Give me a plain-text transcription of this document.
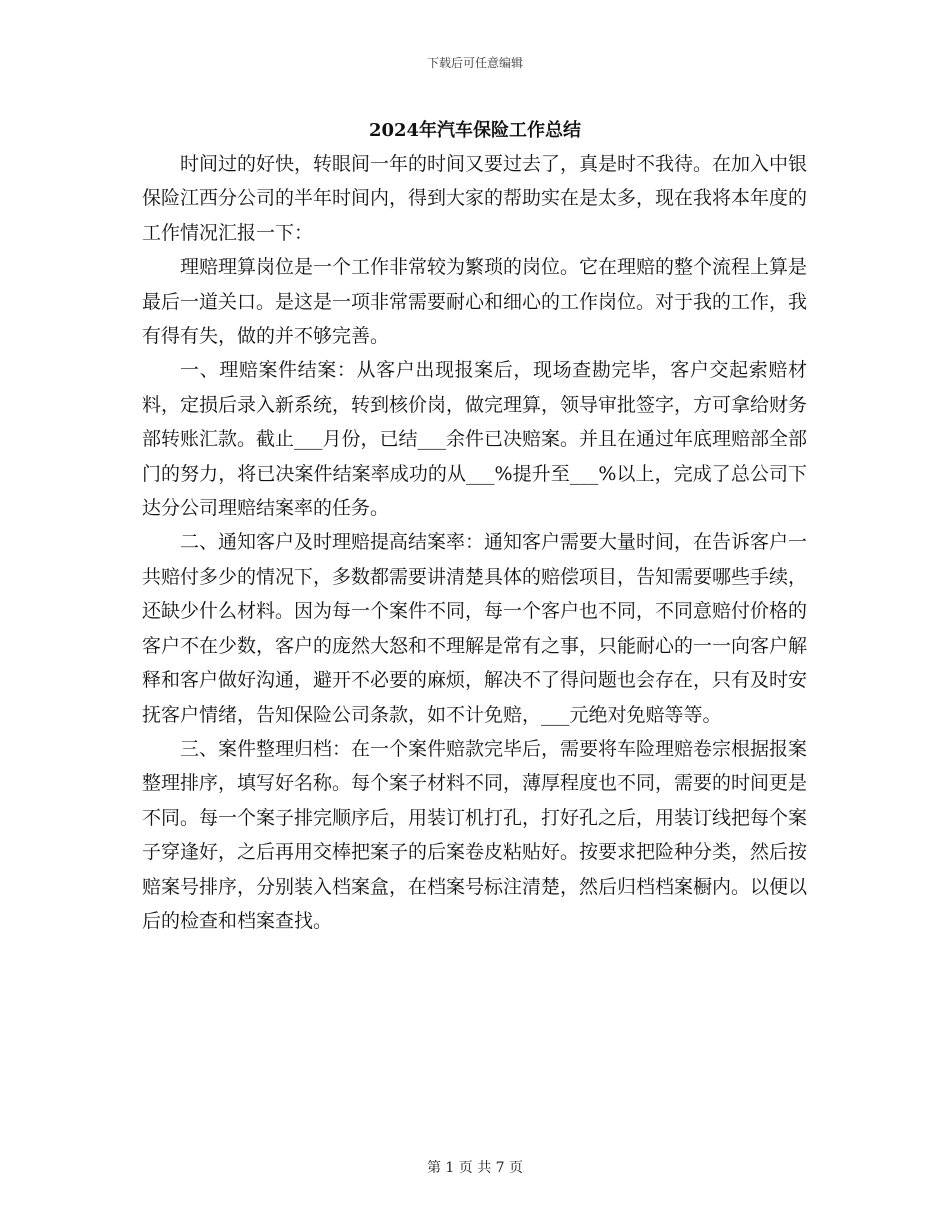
下载后可任意编辑
2024年汽车保险工作总结

时间过的好快，转眼间一年的时间又要过去了，真是时不我待。在加入中银保险江西分公司的半年时间内，得到大家的帮助实在是太多，现在我将本年度的工作情况汇报一下：

理赔理算岗位是一个工作非常较为繁琐的岗位。它在理赔的整个流程上算是最后一道关口。是这是一项非常需要耐心和细心的工作岗位。对于我的工作，我有得有失，做的并不够完善。

一、理赔案件结案：从客户出现报案后，现场查勘完毕，客户交起索赔材料，定损后录入新系统，转到核价岗，做完理算，领导审批签字，方可拿给财务部转账汇款。截止___月份，已结___余件已决赔案。并且在通过年底理赔部全部门的努力，将已决案件结案率成功的从___%提升至___%以上，完成了总公司下达分公司理赔结案率的任务。

二、通知客户及时理赔提高结案率：通知客户需要大量时间，在告诉客户一共赔付多少的情况下，多数都需要讲清楚具体的赔偿项目，告知需要哪些手续，还缺少什么材料。因为每一个案件不同，每一个客户也不同，不同意赔付价格的客户不在少数，客户的庞然大怒和不理解是常有之事，只能耐心的一一向客户解释和客户做好沟通，避开不必要的麻烦，解决不了得问题也会存在，只有及时安抚客户情绪，告知保险公司条款，如不计免赔，___元绝对免赔等等。

三、案件整理归档：在一个案件赔款完毕后，需要将车险理赔卷宗根据报案整理排序，填写好名称。每个案子材料不同，薄厚程度也不同，需要的时间更是不同。每一个案子排完顺序后，用装订机打孔，打好孔之后，用装订线把每个案子穿逢好，之后再用交棒把案子的后案卷皮粘贴好。按要求把险种分类，然后按赔案号排序，分别装入档案盒，在档案号标注清楚，然后归档档案橱内。以便以后的检查和档案查找。

第 1 页 共 7 页
